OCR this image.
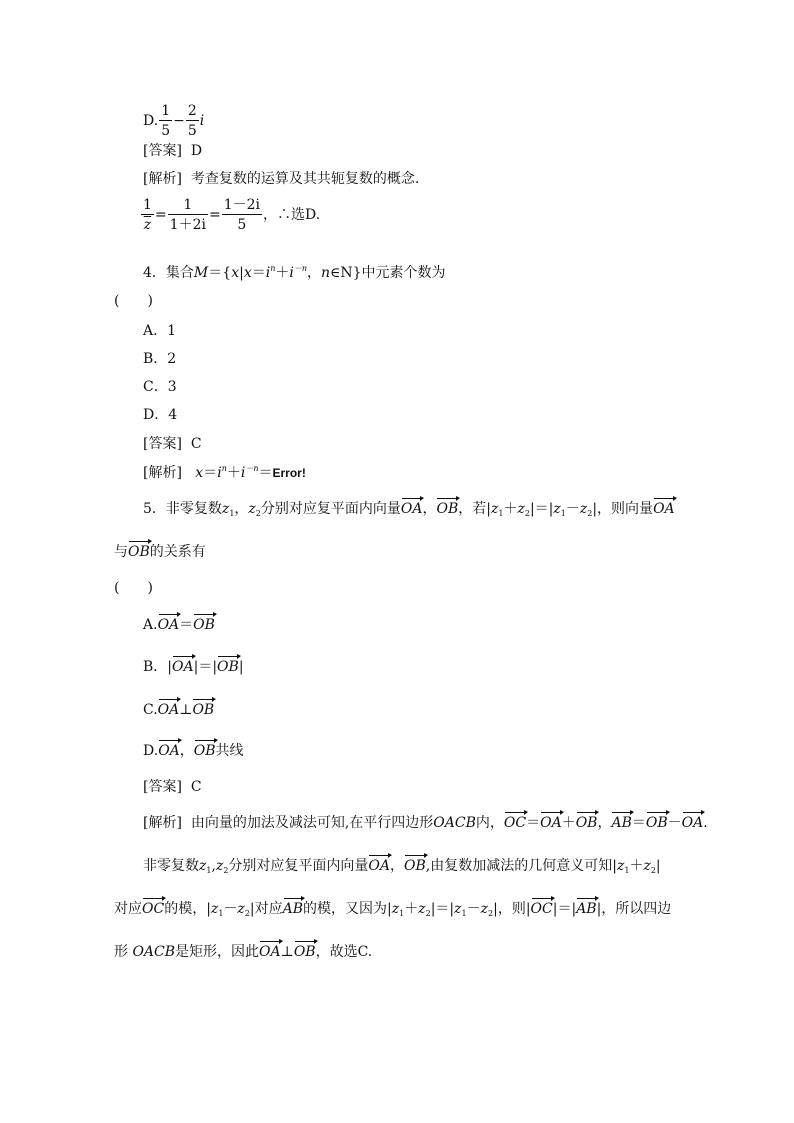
D. $\frac{1}{5} - \frac{2}{5}$ i
[答案] D
[解析] 考查复数的运算及其共轭复数的概念.
$\frac{1}{z} = \frac{1}{1+2i} = \frac{1-2i}{5}$ ，∴选D.
4．集合$M=\{x|x=i^n+i^{-n}$，n∈N}中元素个数为
(　　)
A．1
B．2
C．3
D．4
[答案] C
[解析] $x=i^n+i^{-n}=Error$!
5．非零复数$z_1$，$z_2$分别对应复平面内向量OA，OB，若$|z_1+z_2|=|z_1-z_2|$，则向量OA
与OB的关系有
(　　)
A.OA＝OB
B．|OA|＝|OB|
C.OA⊥OB
D.OA，OB共线
[答案] C
[解析] 由向量的加法及减法可知,在平行四边形OACB内，OC＝OA＋OB，AB＝OB－OA.
非零复数$z_1,z_2$分别对应复平面内向量OA，OB,由复数加减法的几何意义可知$|z_1+z_2|$
对应OC的模，$|z_1-z_2|$对应AB的模，又因为$|z_1+z_2|=|z_1-z_2|$，则|OC|＝|AB|，所以四边
形 OACB是矩形，因此OA⊥OB，故选C.
